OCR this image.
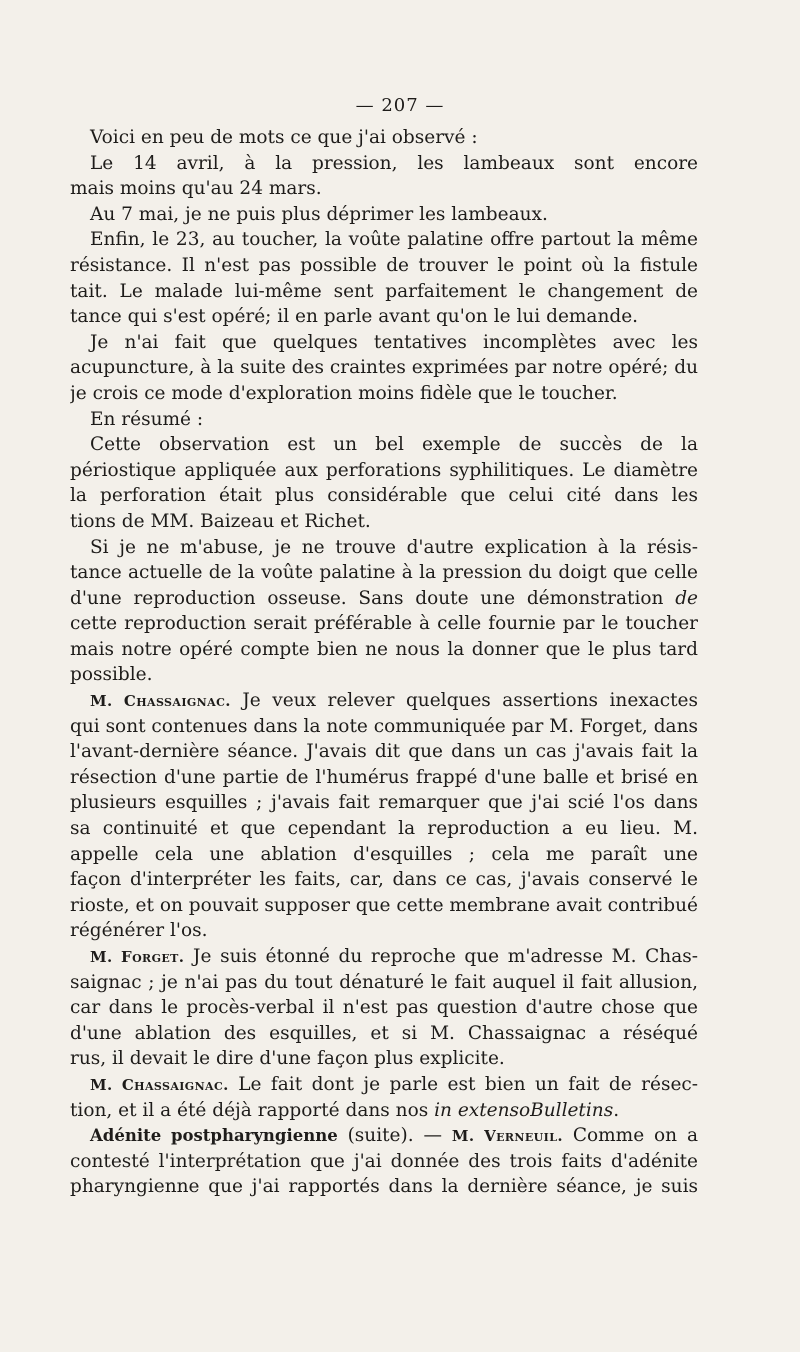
— 207 —
Voici en peu de mots ce que j'ai observé :
Le 14 avril, à la pression, les lambeaux sont encore
mais moins qu'au 24 mars.
Au 7 mai, je ne puis plus déprimer les lambeaux.
Enfin, le 23, au toucher, la voûte palatine offre partout la même
résistance. Il n'est pas possible de trouver le point où la fistule
tait. Le malade lui-même sent parfaitement le changement de
tance qui s'est opéré; il en parle avant qu'on le lui demande.
Je n'ai fait que quelques tentatives incomplètes avec les
acupuncture, à la suite des craintes exprimées par notre opéré; du
je crois ce mode d'exploration moins fidèle que le toucher.
En résumé :
Cette observation est un bel exemple de succès de la
périostique appliquée aux perforations syphilitiques. Le diamètre
la perforation était plus considérable que celui cité dans les
tions de MM. Baizeau et Richet.
Si je ne m'abuse, je ne trouve d'autre explication à la résis-
tance actuelle de la voûte palatine à la pression du doigt que celle
d'une reproduction osseuse. Sans doute une démonstration de
cette reproduction serait préférable à celle fournie par le toucher
mais notre opéré compte bien ne nous la donner que le plus tard
possible.
M. Chassaignac. Je veux relever quelques assertions inexactes
qui sont contenues dans la note communiquée par M. Forget, dans
l'avant-dernière séance. J'avais dit que dans un cas j'avais fait la
résection d'une partie de l'humérus frappé d'une balle et brisé en
plusieurs esquilles ; j'avais fait remarquer que j'ai scié l'os dans
sa continuité et que cependant la reproduction a eu lieu. M.
appelle cela une ablation d'esquilles ; cela me paraît une
façon d'interpréter les faits, car, dans ce cas, j'avais conservé le
rioste, et on pouvait supposer que cette membrane avait contribué
régénérer l'os.
M. Forget. Je suis étonné du reproche que m'adresse M. Chas-
saignac ; je n'ai pas du tout dénaturé le fait auquel il fait allusion,
car dans le procès-verbal il n'est pas question d'autre chose que
d'une ablation des esquilles, et si M. Chassaignac a réséqué
rus, il devait le dire d'une façon plus explicite.
M. Chassaignac. Le fait dont je parle est bien un fait de résec-
tion, et il a été déjà rapporté dans nos in extensoBulletins.
Adénite postpharyngienne (suite). — M. Verneuil. Comme on a
contesté l'interprétation que j'ai donnée des trois faits d'adénite
pharyngienne que j'ai rapportés dans la dernière séance, je suis
